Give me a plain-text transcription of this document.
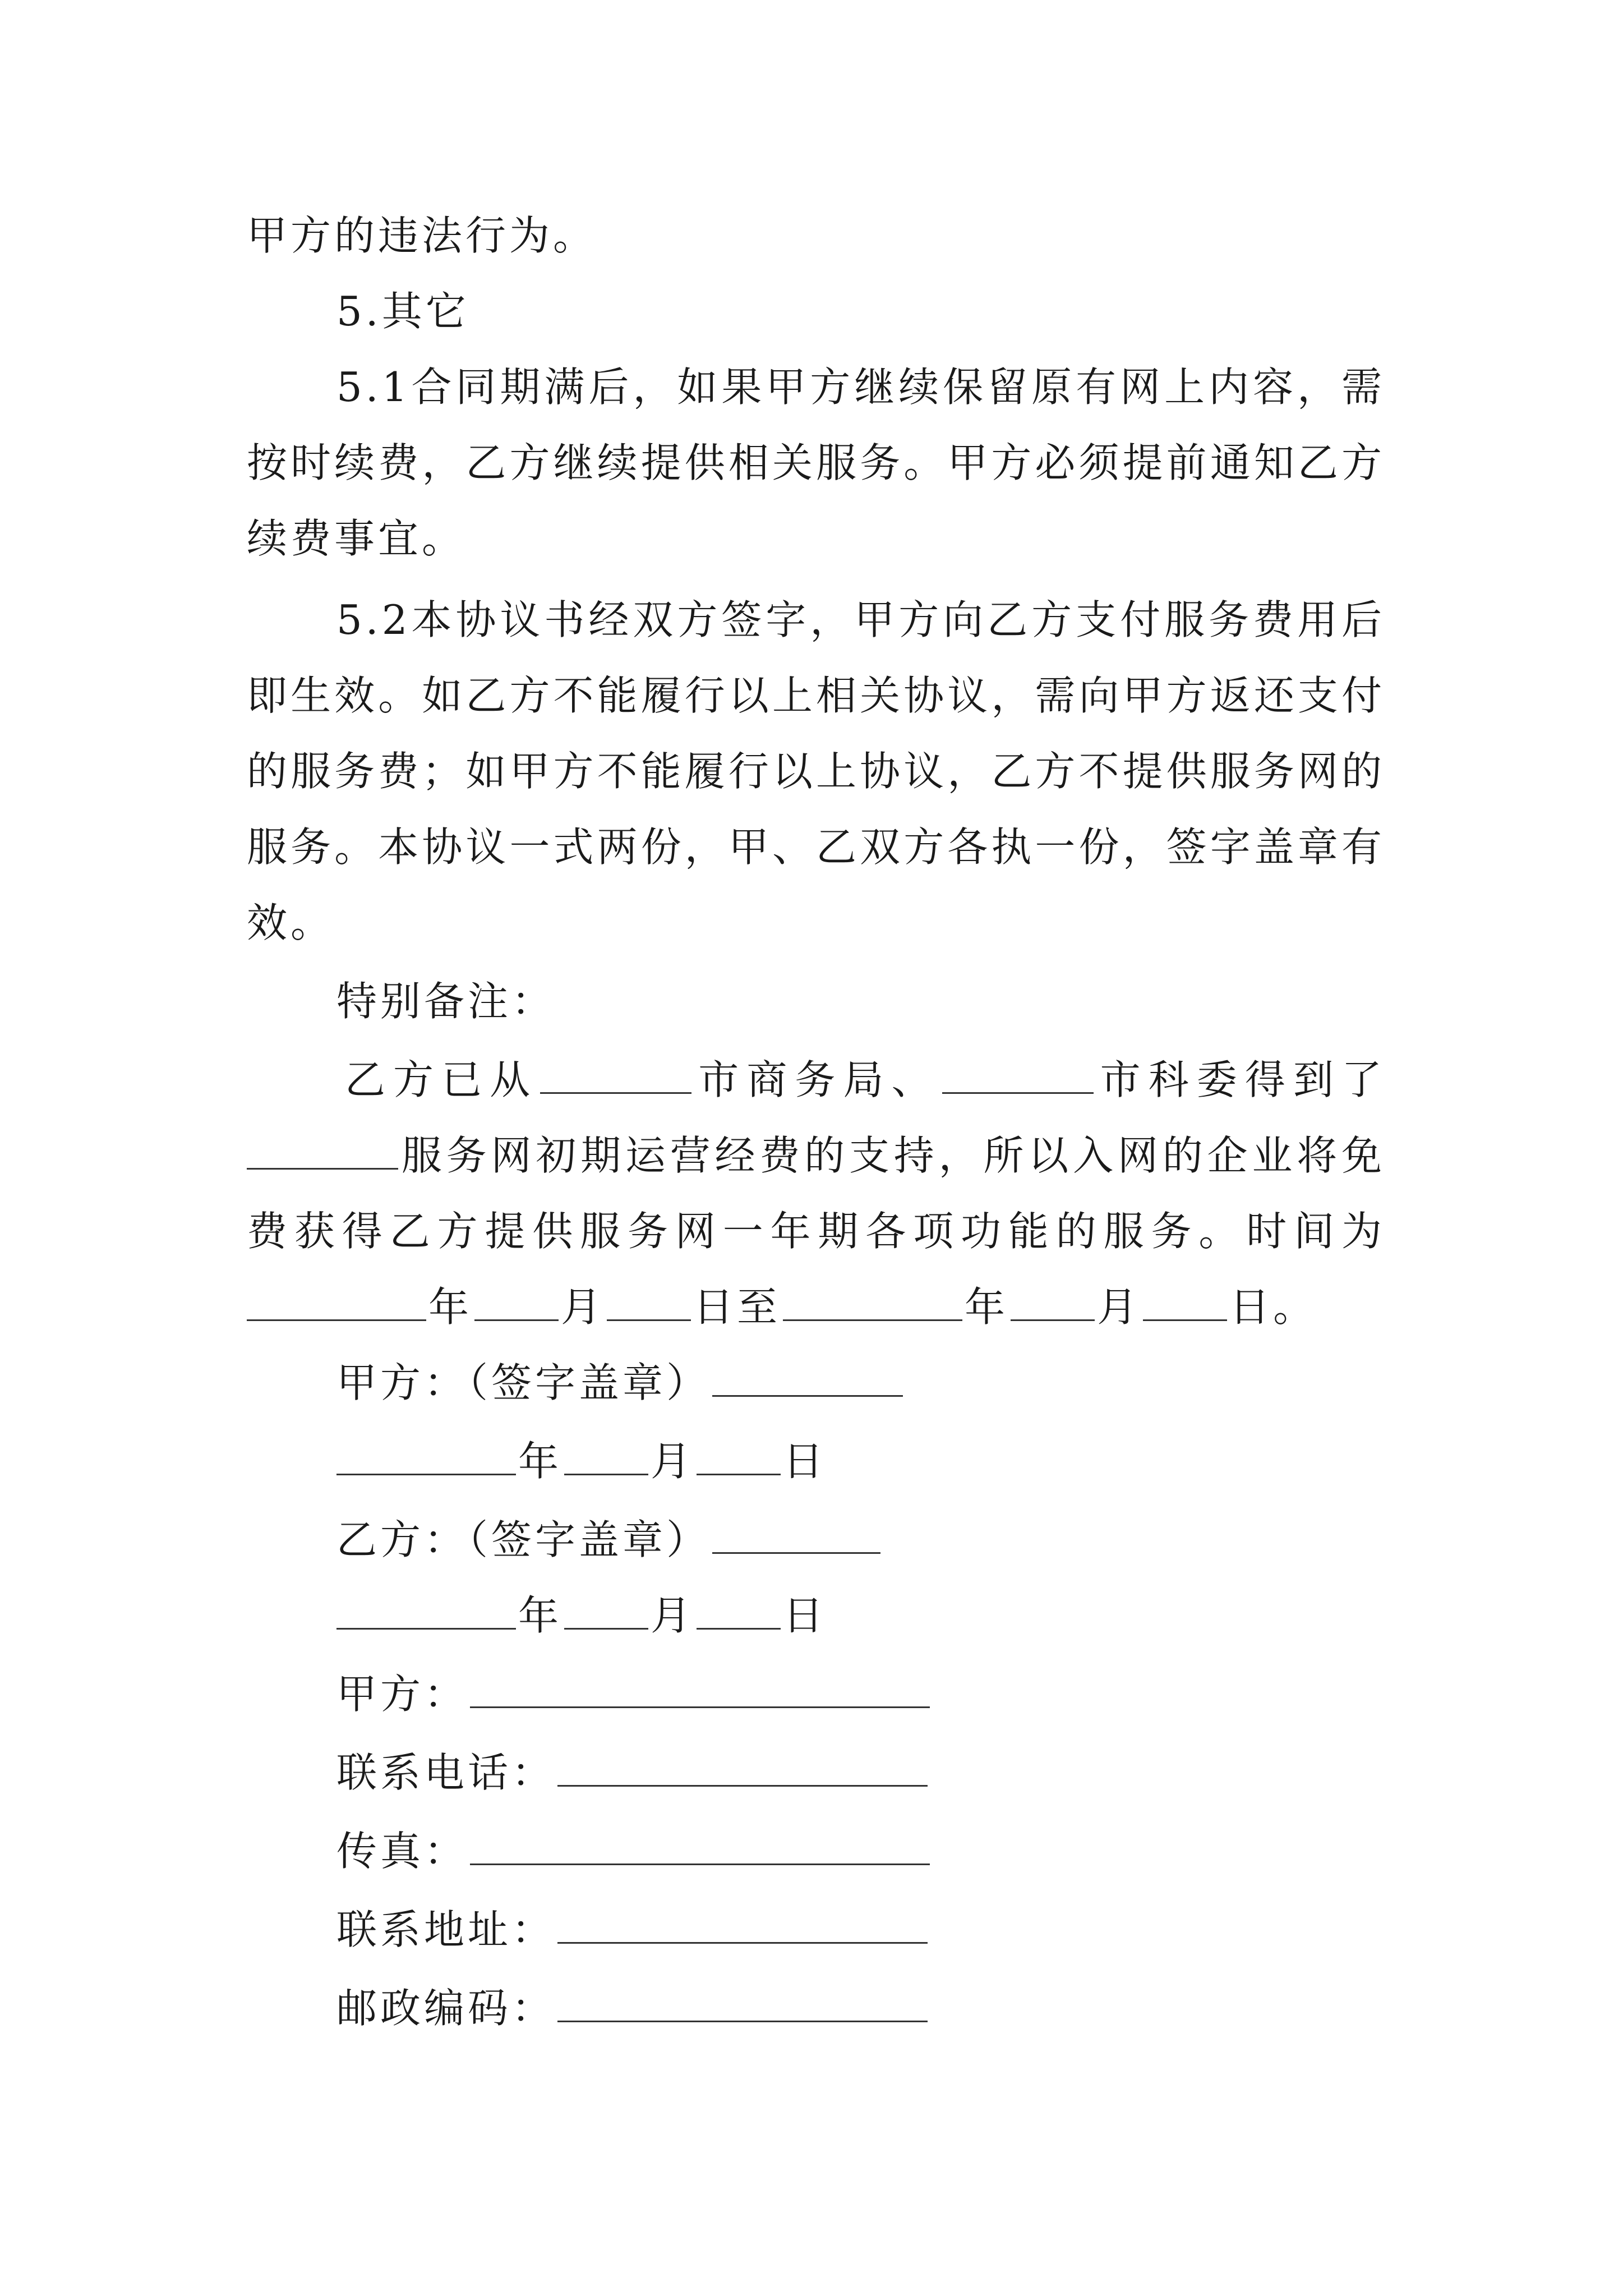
甲方的违法行为。
5.其它
5.1合同期满后，如果甲方继续保留原有网上内容，需
按时续费，乙方继续提供相关服务。甲方必须提前通知乙方
续费事宜。
5.2本协议书经双方签字，甲方向乙方支付服务费用后
即生效。如乙方不能履行以上相关协议，需向甲方返还支付
的服务费；如甲方不能履行以上协议，乙方不提供服务网的
服务。本协议一式两份，甲、乙双方各执一份，签字盖章有
效。
特别备注：
乙方已从	市商务局、	市科委得到了
服务网初期运营经费的支持，所以入网的企业将免
费获得乙方提供服务网一年期各项功能的服务。时间为
年 月 日至	年 月 日。
甲方：（签字盖章）
年 月 日
乙方：（签字盖章）
年 月 日
甲方：
联系电话：
传真：
联系地址：
邮政编码：
